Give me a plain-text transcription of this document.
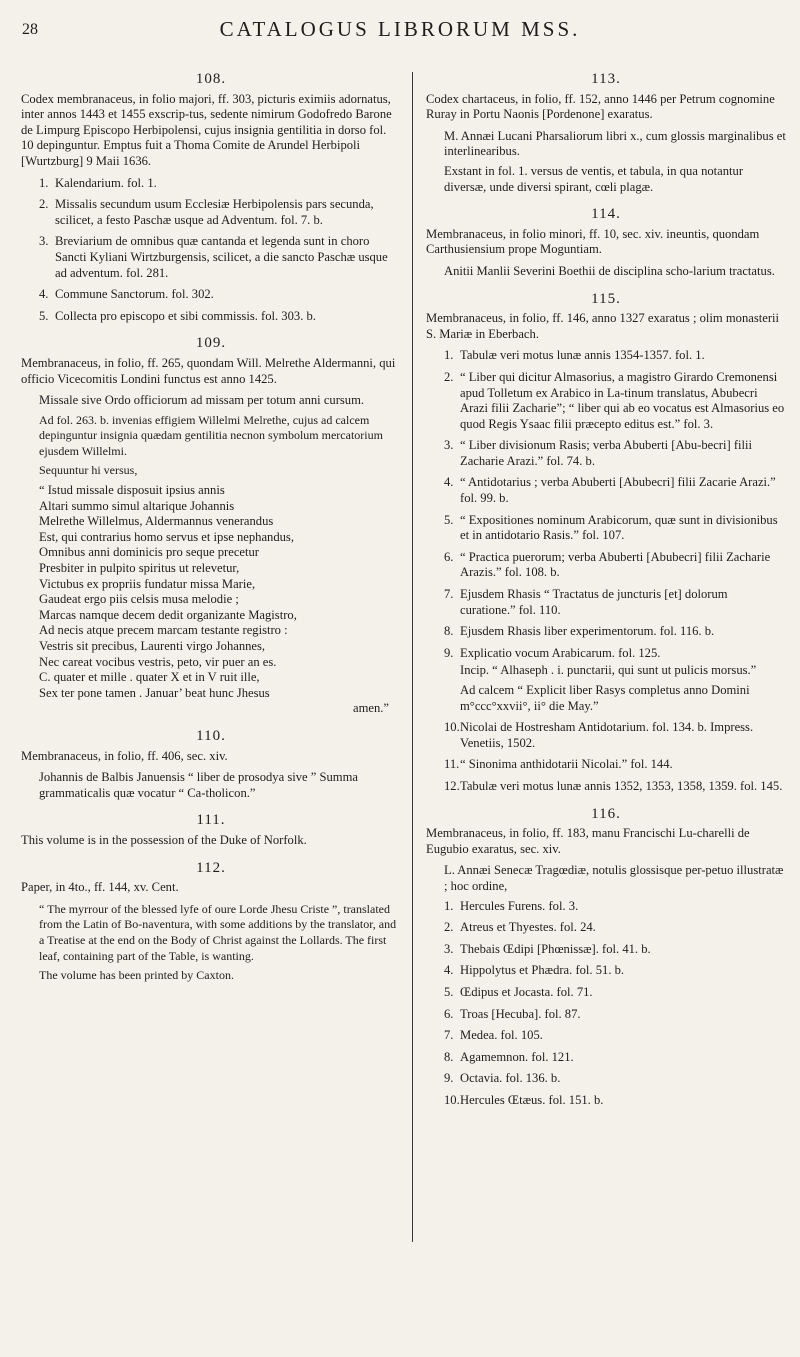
28	CATALOGUS LIBRORUM MSS.
108.

Codex membranaceus, in folio majori, ff. 303, picturis eximiis adornatus, inter annos 1443 et 1455 exscrip-tus, sedente nimirum Godofredo Barone de Limpurg Episcopo Herbipolensi, cujus insignia gentilitia in dorso fol. 10 depinguntur. Emptus fuit a Thoma Comite de Arundel Herbipoli [Wurtzburg] 9 Maii 1636.

1. Kalendarium. fol. 1.

2. Missalis secundum usum Ecclesiæ Herbipolensis pars secunda, scilicet, a festo Paschæ usque ad Adventum. fol. 7. b.

3. Breviarium de omnibus quæ cantanda et legenda sunt in choro Sancti Kyliani Wirtzburgensis, scilicet, a die sancto Paschæ usque ad adventum. fol. 281.

4. Commune Sanctorum. fol. 302.

5. Collecta pro episcopo et sibi commissis. fol. 303. b.

109.

Membranaceus, in folio, ff. 265, quondam Will. Melrethe Aldermanni, qui officio Vicecomitis Londini functus est anno 1425.

Missale sive Ordo officiorum ad missam per totum anni cursum.

Ad fol. 263. b. invenias effigiem Willelmi Melrethe, cujus ad calcem depinguntur insignia quædam gentilitia necnon symbolum mercatorium ejusdem Willelmi.

Sequuntur hi versus,

“ Istud missale disposuit ipsius annis

Altari summo simul altarique Johannis

Melrethe Willelmus, Aldermannus venerandus

Est, qui contrarius homo servus et ipse nephandus,

Omnibus anni dominicis pro seque precetur

Presbiter in pulpito spiritus ut relevetur,

Victubus ex propriis fundatur missa Marie,

Gaudeat ergo piis celsis musa melodie ;

Marcas namque decem dedit organizante Magistro,

Ad necis atque precem marcam testante registro :

Vestris sit precibus, Laurenti virgo Johannes,

Nec careat vocibus vestris, peto, vir puer an es.

C. quater et mille . quater X et in V ruit ille,

Sex ter pone tamen . Januar’ beat hunc Jhesus

amen.”

110.

Membranaceus, in folio, ff. 406, sec. xiv.

Johannis de Balbis Januensis “ liber de prosodya sive ” Summa grammaticalis quæ vocatur “ Ca-tholicon.”

111.

This volume is in the possession of the Duke of Norfolk.

112.

Paper, in 4to., ff. 144, xv. Cent.

“ The myrrour of the blessed lyfe of oure Lorde Jhesu Criste ”, translated from the Latin of Bo-naventura, with some additions by the translator, and a Treatise at the end on the Body of Christ against the Lollards. The first leaf, containing part of the Table, is wanting.

The volume has been printed by Caxton.

113.

Codex chartaceus, in folio, ff. 152, anno 1446 per Petrum cognomine Ruray in Portu Naonis [Pordenone] exaratus.

M. Annæi Lucani Pharsaliorum libri x., cum glossis marginalibus et interlinearibus.

Exstant in fol. 1. versus de ventis, et tabula, in qua notantur diversæ, unde diversi spirant, cœli plagæ.

114.

Membranaceus, in folio minori, ff. 10, sec. xiv. ineuntis, quondam Carthusiensium prope Moguntiam.

Anitii Manlii Severini Boethii de disciplina scho-larium tractatus.

115.

Membranaceus, in folio, ff. 146, anno 1327 exaratus ; olim monasterii S. Mariæ in Eberbach.

1. Tabulæ veri motus lunæ annis 1354-1357. fol. 1.

2. “ Liber qui dicitur Almasorius, a magistro Girardo Cremonensi apud Tolletum ex Arabico in La-tinum translatus, Abubecri Arazi filii Zacharie”; “ liber qui ab eo vocatus est Almasorius eo quod Regis Ysaac filii præcepto editus est.” fol. 3.

3. “ Liber divisionum Rasis; verba Abuberti [Abu-becri] filii Zacharie Arazi.” fol. 74. b.

4. “ Antidotarius ; verba Abuberti [Abubecri] filii Zacarie Arazi.” fol. 99. b.

5. “ Expositiones nominum Arabicorum, quæ sunt in divisionibus et in antidotario Rasis.” fol. 107.

6. “ Practica puerorum; verba Abuberti [Abubecri] filii Zacharie Arazis.” fol. 108. b.

7. Ejusdem Rhasis “ Tractatus de juncturis [et] dolorum curatione.” fol. 110.

8. Ejusdem Rhasis liber experimentorum. fol. 116. b.

9. Explicatio vocum Arabicarum. fol. 125.

Incip. “ Alhaseph . i. punctarii, qui sunt ut pulicis morsus.”

Ad calcem “ Explicit liber Rasys completus anno Domini m°ccc°xxvii°, ii° die May.”

10.Nicolai de Hostresham Antidotarium. fol. 134. b. Impress. Venetiis, 1502.

11.“ Sinonima anthidotarii Nicolai.” fol. 144.

12.Tabulæ veri motus lunæ annis 1352, 1353, 1358, 1359. fol. 145.

116.

Membranaceus, in folio, ff. 183, manu Francischi Lu-charelli de Eugubio exaratus, sec. xiv.

L. Annæi Senecæ Tragœdiæ, notulis glossisque per-petuo illustratæ ; hoc ordine,

1. Hercules Furens. fol. 3.

2. Atreus et Thyestes. fol. 24.

3. Thebais Œdipi [Phœnissæ]. fol. 41. b.

4. Hippolytus et Phædra. fol. 51. b.

5. Œdipus et Jocasta. fol. 71.

6. Troas [Hecuba]. fol. 87.

7. Medea. fol. 105.

8. Agamemnon. fol. 121.

9. Octavia. fol. 136. b.

10.Hercules Œtæus. fol. 151. b.
